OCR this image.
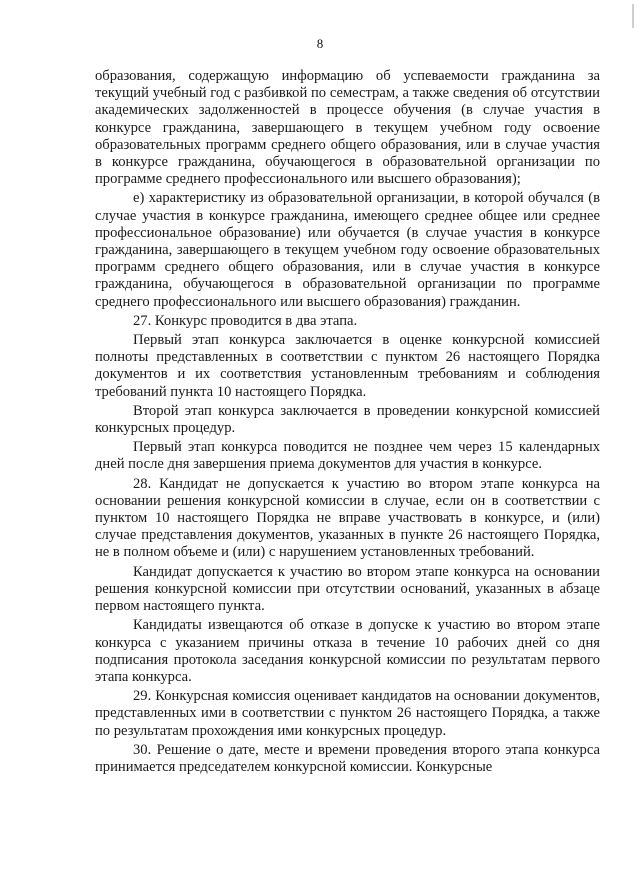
8

образования, содержащую информацию об успеваемости гражданина за текущий учебный год с разбивкой по семестрам, а также сведения об отсутствии академических задолженностей в процессе обучения (в случае участия в конкурсе гражданина, завершающего в текущем учебном году освоение образовательных программ среднего общего образования, или в случае участия в конкурсе гражданина, обучающегося в образовательной организации по программе среднего профессионального или высшего образования);

е) характеристику из образовательной организации, в которой обучался (в случае участия в конкурсе гражданина, имеющего среднее общее или среднее профессиональное образование) или обучается (в случае участия в конкурсе гражданина, завершающего в текущем учебном году освоение образовательных программ среднего общего образования, или в случае участия в конкурсе гражданина, обучающегося в образовательной организации по программе среднего профессионального или высшего образования) гражданин.

27. Конкурс проводится в два этапа.

Первый этап конкурса заключается в оценке конкурсной комиссией полноты представленных в соответствии с пунктом 26 настоящего Порядка документов и их соответствия установленным требованиям и соблюдения требований пункта 10 настоящего Порядка.

Второй этап конкурса заключается в проведении конкурсной комиссией конкурсных процедур.

Первый этап конкурса поводится не позднее чем через 15 календарных дней после дня завершения приема документов для участия в конкурсе.

28. Кандидат не допускается к участию во втором этапе конкурса на основании решения конкурсной комиссии в случае, если он в соответствии с пунктом 10 настоящего Порядка не вправе участвовать в конкурсе, и (или) случае представления документов, указанных в пункте 26 настоящего Порядка, не в полном объеме и (или) с нарушением установленных требований.

Кандидат допускается к участию во втором этапе конкурса на основании решения конкурсной комиссии при отсутствии оснований, указанных в абзаце первом настоящего пункта.

Кандидаты извещаются об отказе в допуске к участию во втором этапе конкурса с указанием причины отказа в течение 10 рабочих дней со дня подписания протокола заседания конкурсной комиссии по результатам первого этапа конкурса.

29. Конкурсная комиссия оценивает кандидатов на основании документов, представленных ими в соответствии с пунктом 26 настоящего Порядка, а также по результатам прохождения ими конкурсных процедур.

30. Решение о дате, месте и времени проведения второго этапа конкурса принимается председателем конкурсной комиссии. Конкурсные
